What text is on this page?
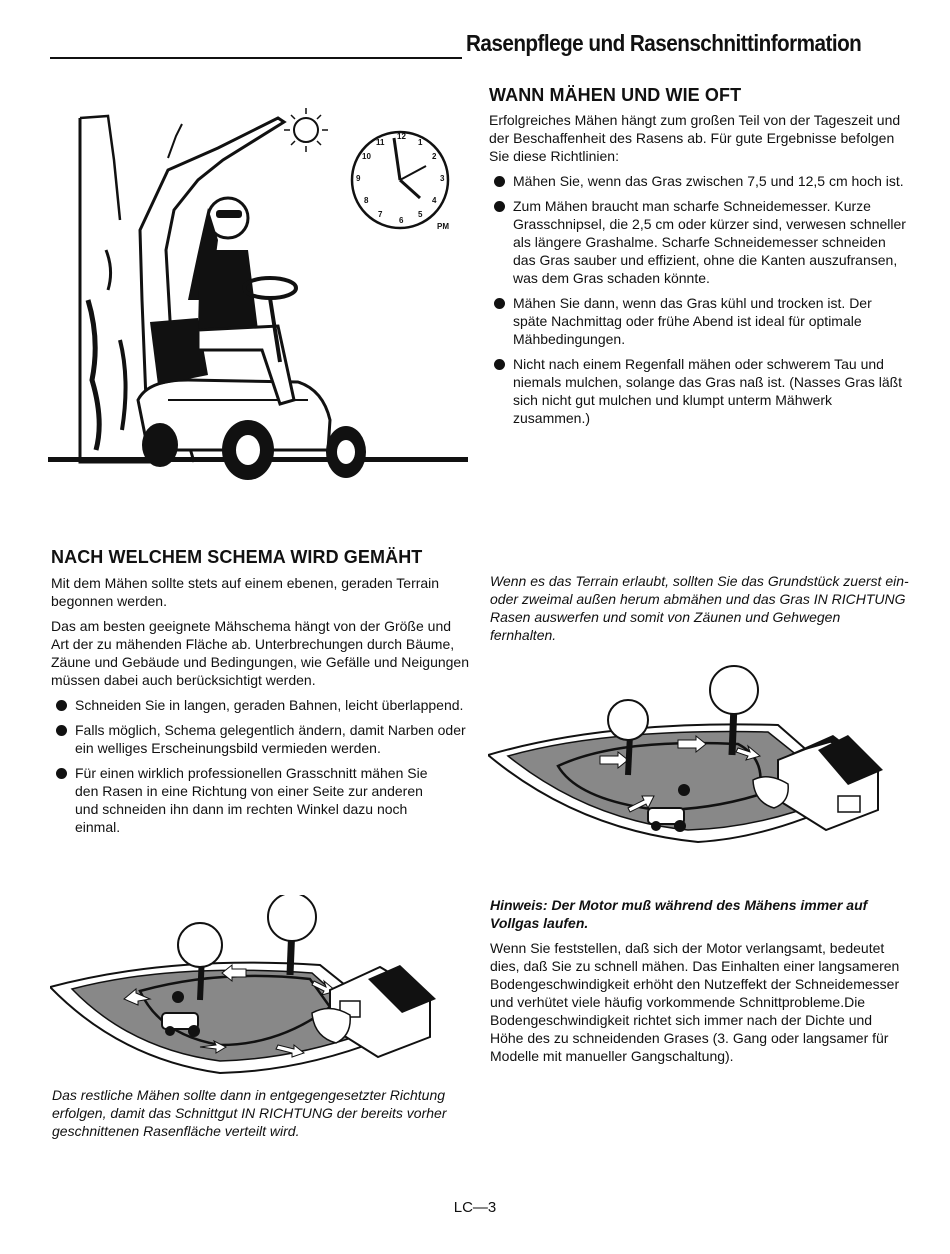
Rasenpflege und Rasenschnittinformation
12
3
6
9
1
2
4
5
7
8
10
11
PM
WANN MÄHEN UND WIE OFT

Erfolgreiches Mähen hängt zum großen Teil von der Tageszeit und der Beschaffenheit des Rasens ab. Für gute Ergebnisse befolgen Sie diese Richtlinien:

Mähen Sie, wenn das Gras zwischen 7,5 und 12,5 cm hoch ist.
Zum Mähen braucht man scharfe Schneidemesser. Kurze Grasschnipsel, die 2,5 cm oder kürzer sind, verwesen schneller als längere Grashalme. Scharfe Schneidemesser schneiden das Gras sauber und effizient, ohne die Kanten auszufransen, was dem Gras schaden könnte.
Mähen Sie dann, wenn das Gras kühl und trocken ist. Der späte Nachmittag oder frühe Abend ist ideal für optimale Mähbedingungen.
Nicht nach einem Regenfall mähen oder schwerem Tau und niemals mulchen, solange das Gras naß ist. (Nasses Gras läßt sich nicht gut mulchen und klumpt unterm Mähwerk zusammen.)
NACH WELCHEM SCHEMA WIRD GEMÄHT

Mit dem Mähen sollte stets auf einem ebenen, geraden Terrain begonnen werden.

Das am besten geeignete Mähschema hängt von der Größe und Art der zu mähenden Fläche ab. Unterbrechungen durch Bäume, Zäune und Gebäude und Bedingungen, wie Gefälle und Neigungen müssen dabei auch berücksichtigt werden.

Schneiden Sie in langen, geraden Bahnen, leicht überlappend.
Falls möglich, Schema gelegentlich ändern, damit Narben oder ein welliges Erscheinungsbild vermieden werden.
Für einen wirklich professionellen Grasschnitt mähen Sie den Rasen in eine Richtung von einer Seite zur anderen und schneiden ihn dann im rechten Winkel dazu noch einmal.

Wenn es das Terrain erlaubt, sollten Sie das Grundstück zuerst ein- oder zweimal außen herum abmähen und das Gras IN RICHTUNG Rasen auswerfen und somit von Zäunen und Gehwegen fernhalten.

Das restliche Mähen sollte dann in entgegengesetzter Richtung erfolgen, damit das Schnittgut IN RICHTUNG der bereits vorher geschnittenen Rasenfläche verteilt wird.

Hinweis: Der Motor muß während des Mähens immer auf Vollgas laufen.

Wenn Sie feststellen, daß sich der Motor verlangsamt, bedeutet dies, daß Sie zu schnell mähen. Das Einhalten einer langsameren Bodengeschwindigkeit erhöht den Nutzeffekt der Schneidemesser und verhütet viele häufig vorkommende Schnittprobleme.Die Bodengeschwindigkeit richtet sich immer nach der Dichte und Höhe des zu schneidenden Grases (3. Gang oder langsamer für Modelle mit manueller Gangschaltung).

LC—3
